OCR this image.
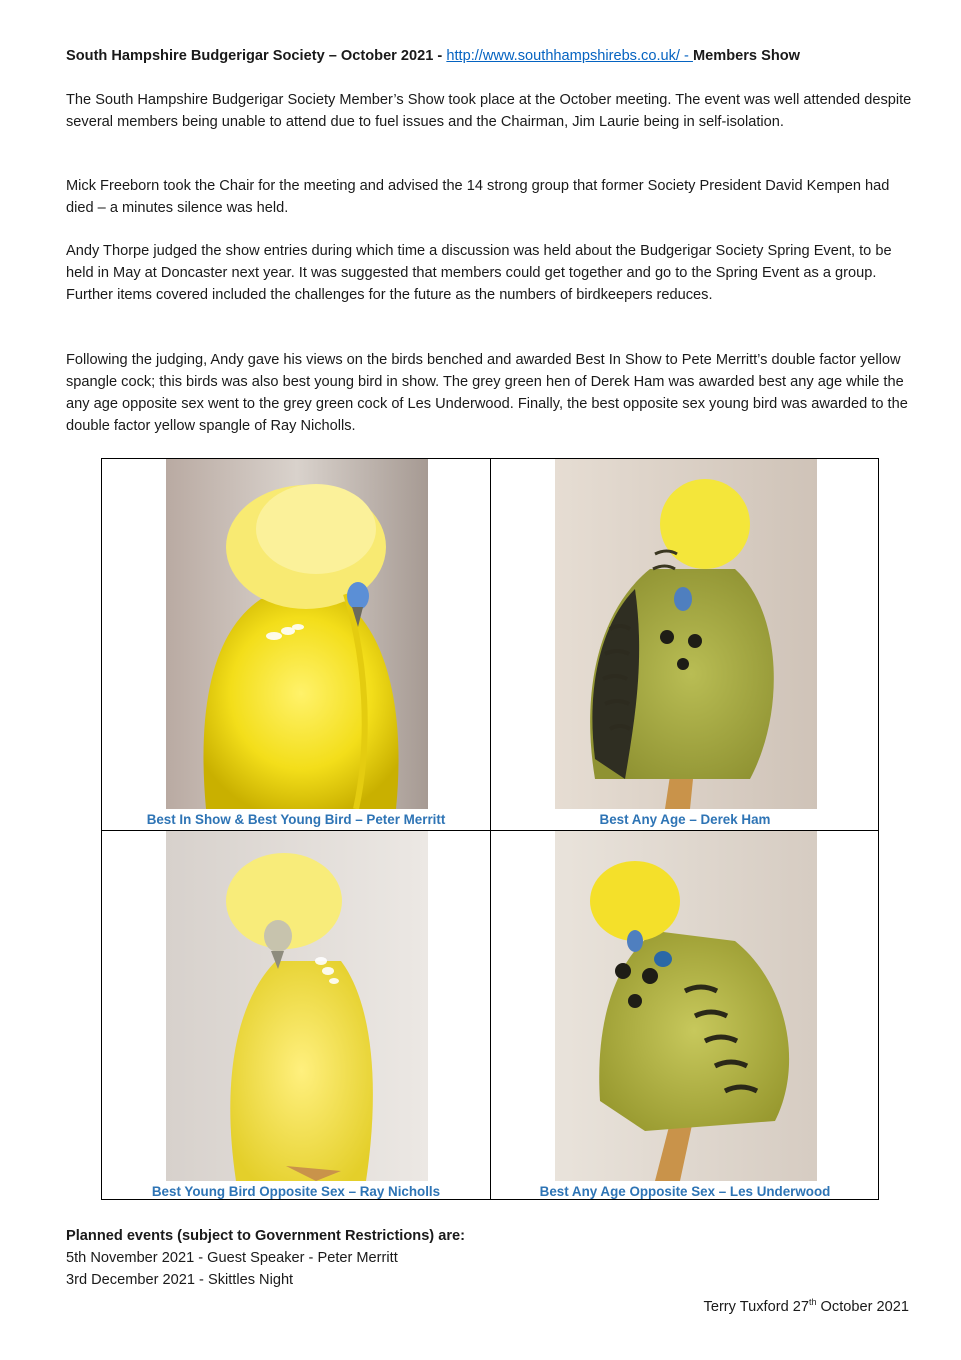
South Hampshire Budgerigar Society – October 2021 - http://www.southhampshirebs.co.uk/ - Members Show

The South Hampshire Budgerigar Society Member’s Show took place at the October meeting. The event was well attended despite several members being unable to attend due to fuel issues and the Chairman, Jim Laurie being in self-isolation.

Mick Freeborn took the Chair for the meeting and advised the 14 strong group that former Society President David Kempen had died – a minutes silence was held.

Andy Thorpe judged the show entries during which time a discussion was held about the Budgerigar Society Spring Event, to be held in May at Doncaster next year. It was suggested that members could get together and go to the Spring Event as a group. Further items covered included the challenges for the future as the numbers of birdkeepers reduces.

Following the judging, Andy gave his views on the birds benched and awarded Best In Show to Pete Merritt’s double factor yellow spangle cock; this birds was also best young bird in show. The grey green hen of Derek Ham was awarded best any age while the any age opposite sex went to the grey green cock of Les Underwood. Finally, the best opposite sex young bird was awarded to the double factor yellow spangle of Ray Nicholls.

Best In Show & Best Young Bird – Peter Merritt	Best Any Age – Derek Ham
Best Young Bird Opposite Sex – Ray Nicholls	Best Any Age Opposite Sex – Les Underwood
Planned events (subject to Government Restrictions) are:
5th November 2021 - Guest Speaker - Peter Merritt
3rd December 2021 - Skittles Night
Terry Tuxford 27th October 2021
